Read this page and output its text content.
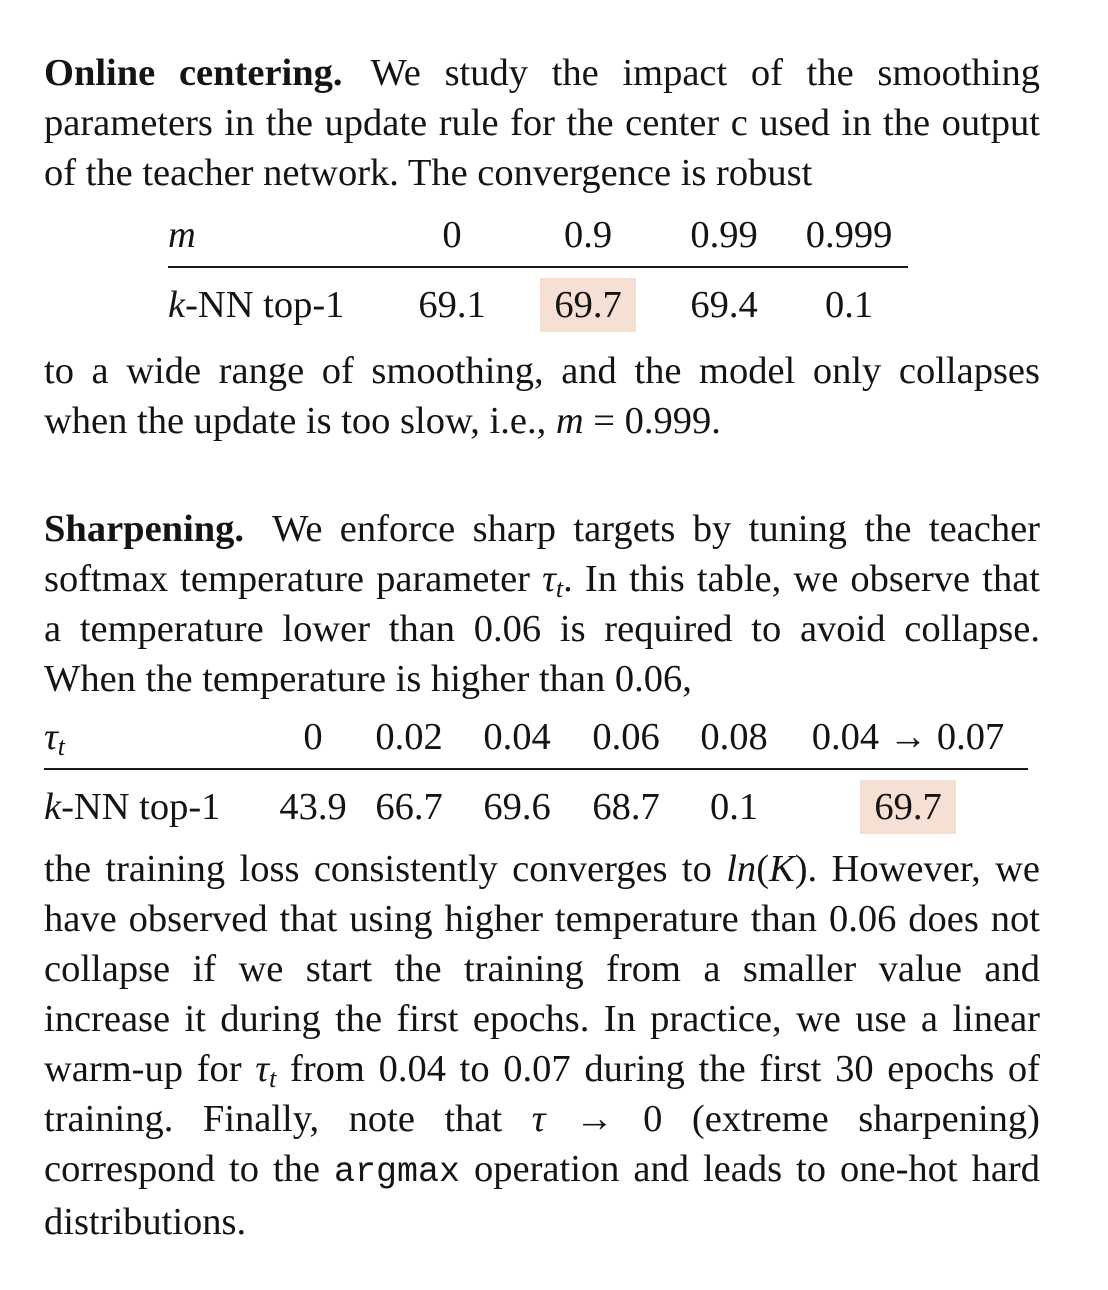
Online centering. We study the impact of the smoothing parameters in the update rule for the center c used in the output of the teacher network. The convergence is robust

m	0	0.9	0.99	0.999

k-NN top-1	69.1	69.7	69.4	0.1

to a wide range of smoothing, and the model only collapses when the update is too slow, i.e., m = 0.999.

Sharpening. We enforce sharp targets by tuning the teacher softmax temperature parameter $\tau_t$. In this table, we observe that a temperature lower than 0.06 is required to avoid collapse. When the temperature is higher than 0.06,

$\tau_t$	0	0.02	0.04	0.06	0.08	0.04 → 0.07

k-NN top-1	43.9	66.7	69.6	68.7	0.1	69.7

the training loss consistently converges to ln(K). However, we have observed that using higher temperature than 0.06 does not collapse if we start the training from a smaller value and increase it during the first epochs. In practice, we use a linear warm-up for $\tau_t$ from 0.04 to 0.07 during the first 30 epochs of training. Finally, note that τ → 0 (extreme sharpening) correspond to the argmax operation and leads to one-hot hard distributions.
